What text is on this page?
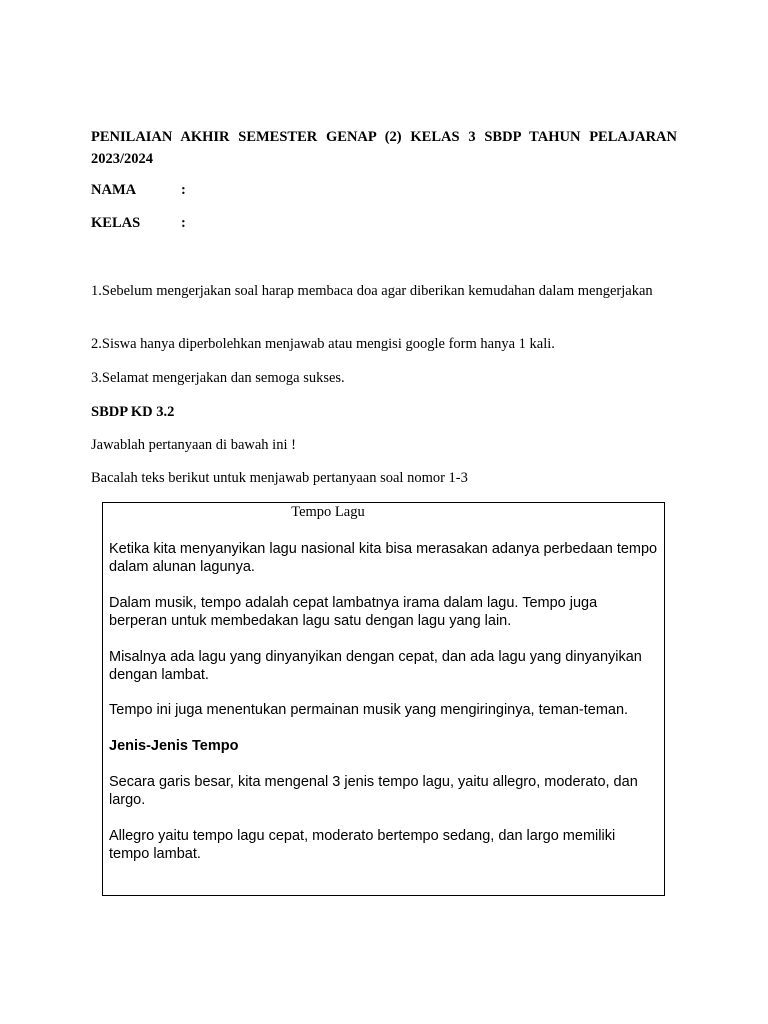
PENILAIAN AKHIR SEMESTER GENAP (2) KELAS 3 SBDP TAHUN PELAJARAN
2023/2024
NAMA	:
KELAS	:
1.Sebelum mengerjakan soal harap membaca doa agar diberikan kemudahan dalam mengerjakan
2.Siswa hanya diperbolehkan menjawab atau mengisi google form hanya 1 kali.
3.Selamat mengerjakan dan semoga sukses.
SBDP KD 3.2
Jawablah pertanyaan di bawah ini !
Bacalah teks berikut untuk menjawab pertanyaan soal nomor 1-3
Tempo Lagu
Ketika kita menyanyikan lagu nasional kita bisa merasakan adanya perbedaan tempo dalam alunan lagunya.
Dalam musik, tempo adalah cepat lambatnya irama dalam lagu. Tempo juga berperan untuk membedakan lagu satu dengan lagu yang lain.
Misalnya ada lagu yang dinyanyikan dengan cepat, dan ada lagu yang dinyanyikan dengan lambat.
Tempo ini juga menentukan permainan musik yang mengiringinya, teman-teman.
Jenis-Jenis Tempo
Secara garis besar, kita mengenal 3 jenis tempo lagu, yaitu allegro, moderato, dan largo.
Allegro yaitu tempo lagu cepat, moderato bertempo sedang, dan largo memiliki tempo lambat.
